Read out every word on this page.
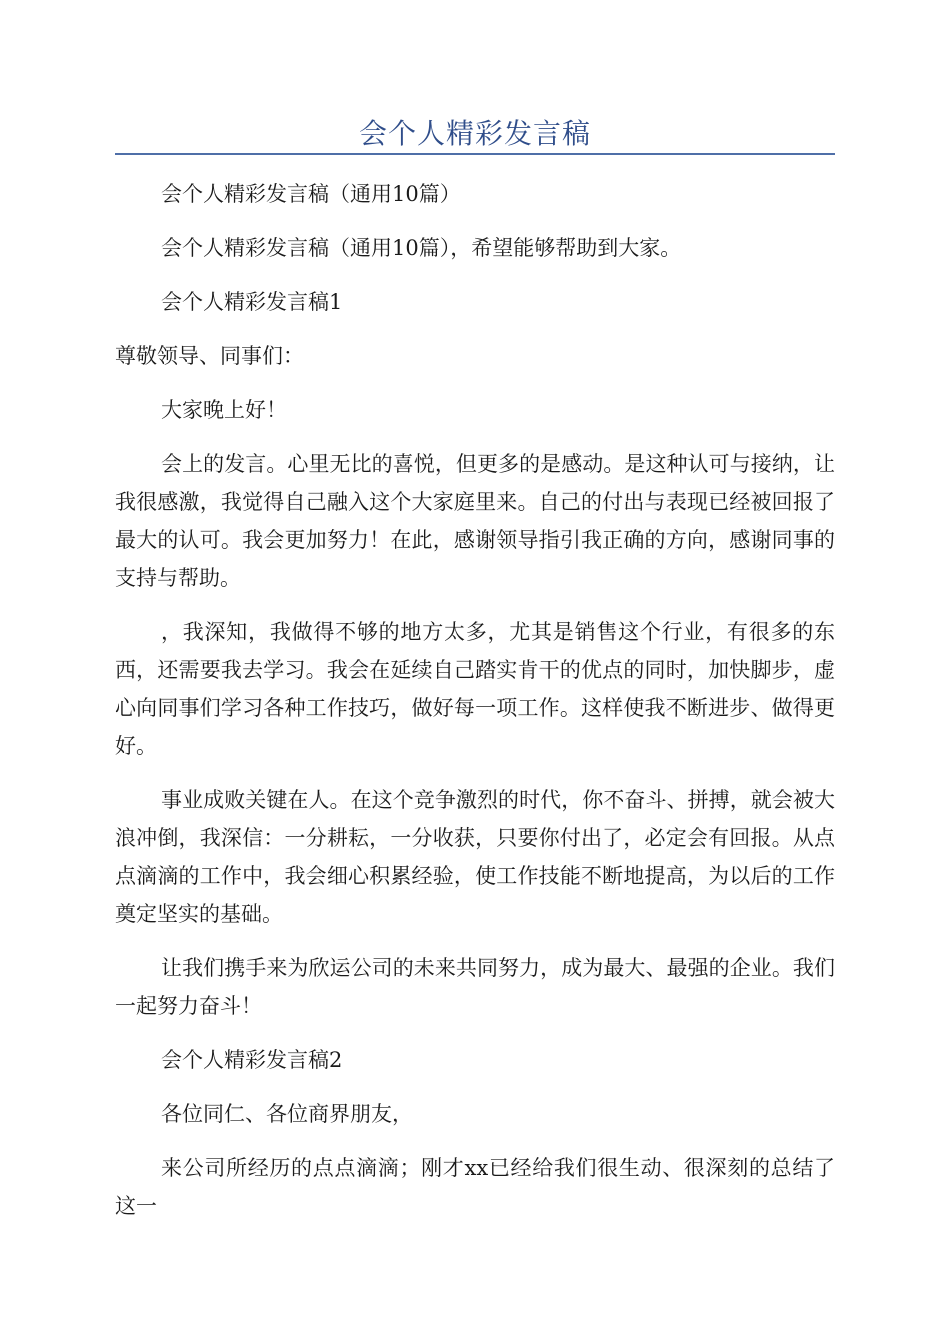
会个人精彩发言稿

会个人精彩发言稿（通用10篇）

会个人精彩发言稿（通用10篇），希望能够帮助到大家。

会个人精彩发言稿1

尊敬领导、同事们：

大家晚上好！

会上的发言。心里无比的喜悦，但更多的是感动。是这种认可与接纳，让我很感激，我觉得自己融入这个大家庭里来。自己的付出与表现已经被回报了最大的认可。我会更加努力！在此，感谢领导指引我正确的方向，感谢同事的支持与帮助。

，我深知，我做得不够的地方太多，尤其是销售这个行业，有很多的东西，还需要我去学习。我会在延续自己踏实肯干的优点的同时，加快脚步，虚心向同事们学习各种工作技巧，做好每一项工作。这样使我不断进步、做得更好。

事业成败关键在人。在这个竞争激烈的时代，你不奋斗、拼搏，就会被大浪冲倒，我深信：一分耕耘，一分收获，只要你付出了，必定会有回报。从点点滴滴的工作中，我会细心积累经验，使工作技能不断地提高，为以后的工作奠定坚实的基础。

让我们携手来为欣运公司的未来共同努力，成为最大、最强的企业。我们一起努力奋斗！

会个人精彩发言稿2

各位同仁、各位商界朋友，

来公司所经历的点点滴滴；刚才xx已经给我们很生动、很深刻的总结了这一
